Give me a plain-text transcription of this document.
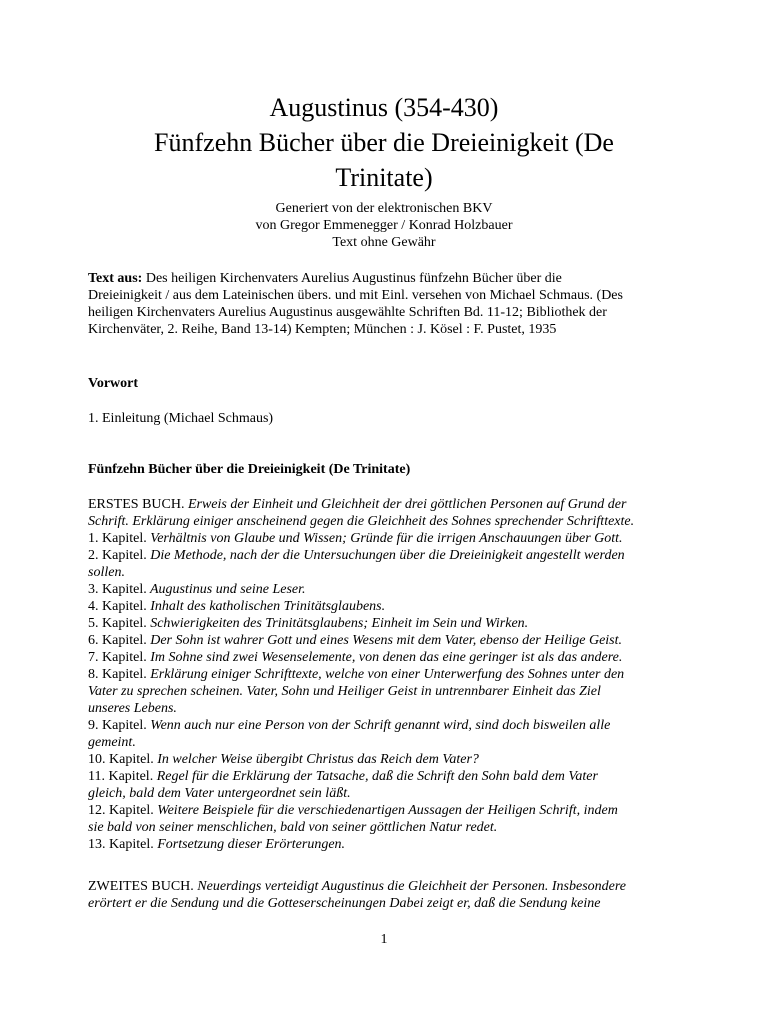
Augustinus (354-430)
Fünfzehn Bücher über die Dreieinigkeit (De
Trinitate)
Generiert von der elektronischen BKV
von Gregor Emmenegger / Konrad Holzbauer
Text ohne Gewähr
Text aus: Des heiligen Kirchenvaters Aurelius Augustinus fünfzehn Bücher über die
Dreieinigkeit / aus dem Lateinischen übers. und mit Einl. versehen von Michael Schmaus. (Des
heiligen Kirchenvaters Aurelius Augustinus ausgewählte Schriften Bd. 11-12; Bibliothek der
Kirchenväter, 2. Reihe, Band 13-14) Kempten; München : J. Kösel : F. Pustet, 1935
Vorwort
1. Einleitung (Michael Schmaus)
Fünfzehn Bücher über die Dreieinigkeit (De Trinitate)
ERSTES BUCH. Erweis der Einheit und Gleichheit der drei göttlichen Personen auf Grund der
Schrift. Erklärung einiger anscheinend gegen die Gleichheit des Sohnes sprechender Schrifttexte.
1. Kapitel. Verhältnis von Glaube und Wissen; Gründe für die irrigen Anschauungen über Gott.
2. Kapitel. Die Methode, nach der die Untersuchungen über die Dreieinigkeit angestellt werden
sollen.
3. Kapitel. Augustinus und seine Leser.
4. Kapitel. Inhalt des katholischen Trinitätsglaubens.
5. Kapitel. Schwierigkeiten des Trinitätsglaubens; Einheit im Sein und Wirken.
6. Kapitel. Der Sohn ist wahrer Gott und eines Wesens mit dem Vater, ebenso der Heilige Geist.
7. Kapitel. Im Sohne sind zwei Wesenselemente, von denen das eine geringer ist als das andere.
8. Kapitel. Erklärung einiger Schrifttexte, welche von einer Unterwerfung des Sohnes unter den
Vater zu sprechen scheinen. Vater, Sohn und Heiliger Geist in untrennbarer Einheit das Ziel
unseres Lebens.
9. Kapitel. Wenn auch nur eine Person von der Schrift genannt wird, sind doch bisweilen alle
gemeint.
10. Kapitel. In welcher Weise übergibt Christus das Reich dem Vater?
11. Kapitel. Regel für die Erklärung der Tatsache, daß die Schrift den Sohn bald dem Vater
gleich, bald dem Vater untergeordnet sein läßt.
12. Kapitel. Weitere Beispiele für die verschiedenartigen Aussagen der Heiligen Schrift, indem
sie bald von seiner menschlichen, bald von seiner göttlichen Natur redet.
13. Kapitel. Fortsetzung dieser Erörterungen.
ZWEITES BUCH. Neuerdings verteidigt Augustinus die Gleichheit der Personen. Insbesondere
erörtert er die Sendung und die Gotteserscheinungen Dabei zeigt er, daß die Sendung keine
1
